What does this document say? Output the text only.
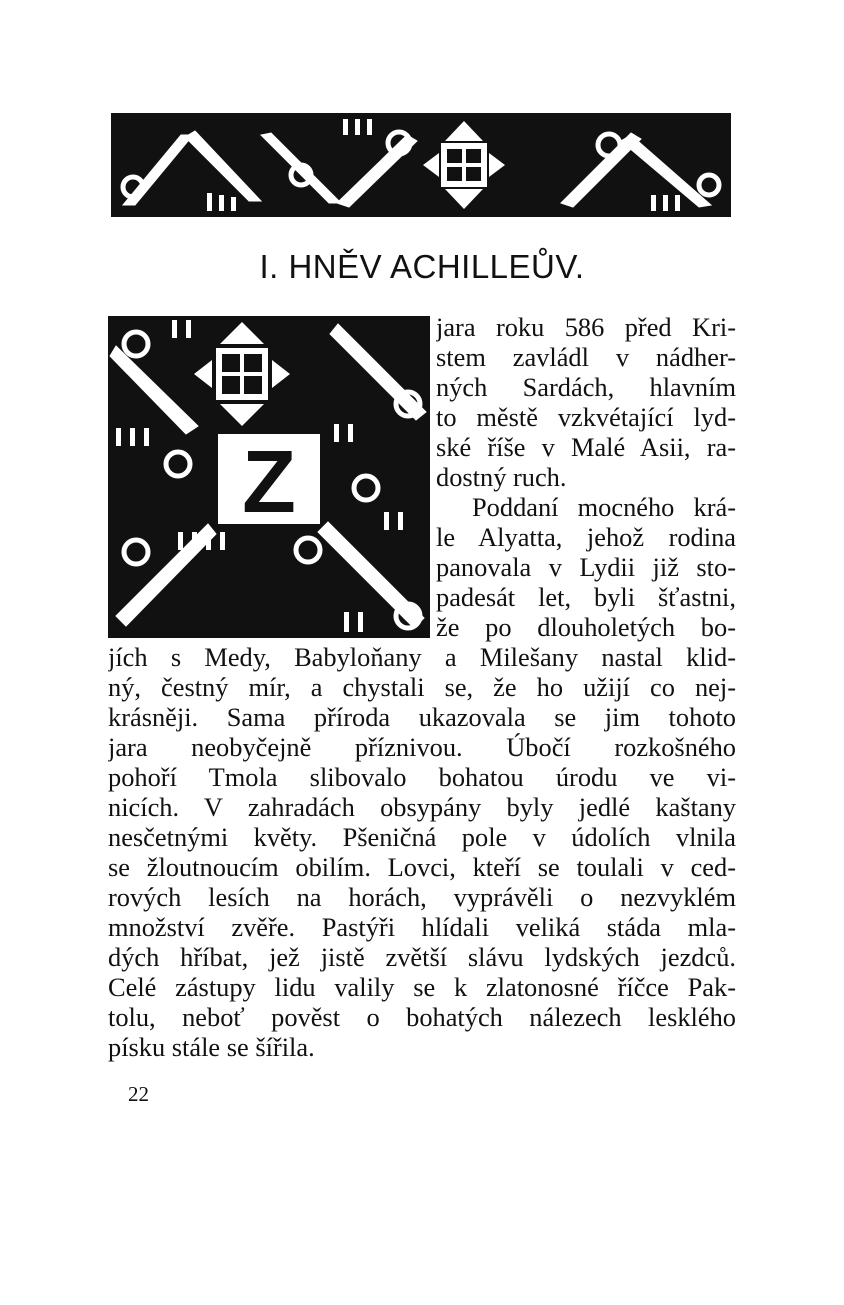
I. HNĚV ACHILLEŮV.
Z
jara roku 586 před Kri-
stem zavládl v nádher-
ných Sardách, hlavním
to městě vzkvétající lyd-
ské říše v Malé Asii, ra-
dostný ruch.
Poddaní mocného krá-
le Alyatta, jehož rodina
panovala v Lydii již sto-
padesát let, byli šťastni,
že po dlouholetých bo-
jích s Medy, Babyloňany a Milešany nastal klid-
ný, čestný mír, a chystali se, že ho užijí co nej-
krásněji. Sama příroda ukazovala se jim tohoto
jara neobyčejně příznivou. Úbočí rozkošného
pohoří Tmola slibovalo bohatou úrodu ve vi-
nicích. V zahradách obsypány byly jedlé kaštany
nesčetnými květy. Pšeničná pole v údolích vlnila
se žloutnoucím obilím. Lovci, kteří se toulali v ced-
rových lesích na horách, vyprávěli o nezvyklém
množství zvěře. Pastýři hlídali veliká stáda mla-
dých hříbat, jež jistě zvětší slávu lydských jezdců.
Celé zástupy lidu valily se k zlatonosné říčce Pak-
tolu, neboť pověst o bohatých nálezech lesklého
písku stále se šířila.
22
